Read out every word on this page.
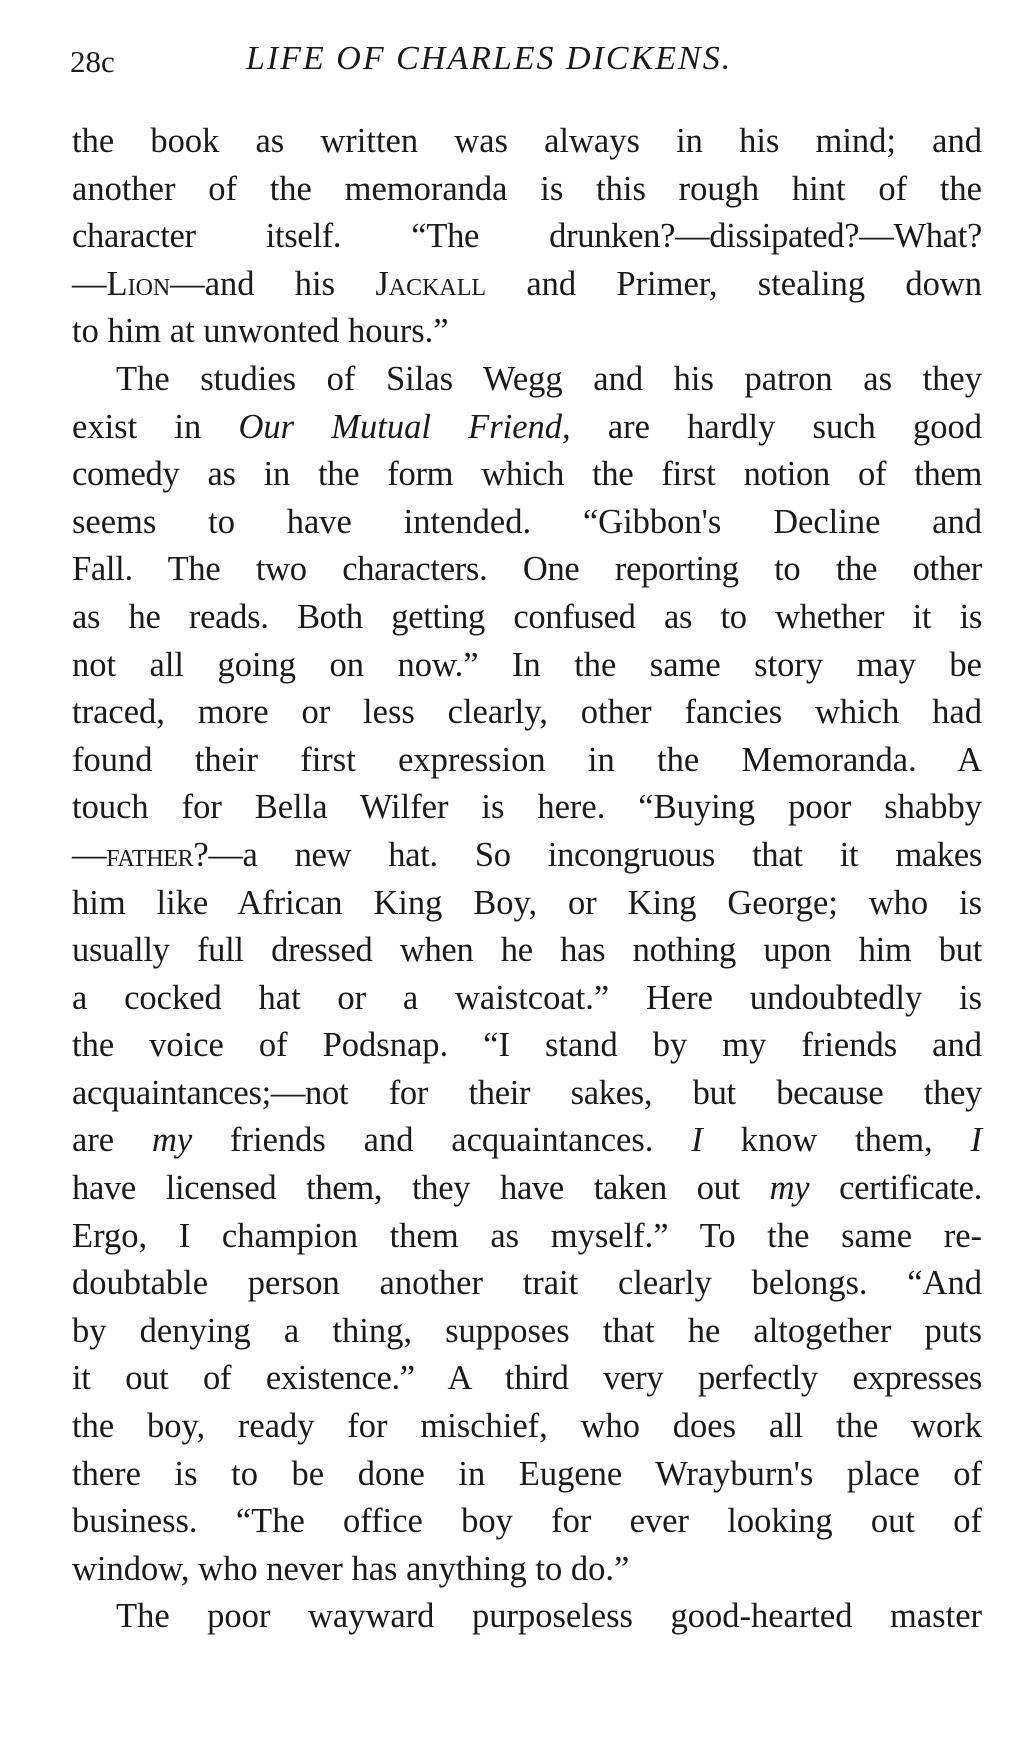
28c	LIFE OF CHARLES DICKENS.
the book as written was always in his mind; and
another of the memoranda is this rough hint of the
character itself. “The drunken?—dissipated?—What?
—Lion—and his Jackall and Primer, stealing down
to him at unwonted hours.”
The studies of Silas Wegg and his patron as they
exist in Our Mutual Friend, are hardly such good
comedy as in the form which the first notion of them
seems to have intended. “Gibbon's Decline and
Fall. The two characters. One reporting to the other
as he reads. Both getting confused as to whether it is
not all going on now.” In the same story may be
traced, more or less clearly, other fancies which had
found their first expression in the Memoranda. A
touch for Bella Wilfer is here. “Buying poor shabby
—father?—a new hat. So incongruous that it makes
him like African King Boy, or King George; who is
usually full dressed when he has nothing upon him but
a cocked hat or a waistcoat.” Here undoubtedly is
the voice of Podsnap. “I stand by my friends and
acquaintances;—not for their sakes, but because they
are my friends and acquaintances. I know them, I
have licensed them, they have taken out my certificate.
Ergo, I champion them as myself.” To the same re-
doubtable person another trait clearly belongs. “And
by denying a thing, supposes that he altogether puts
it out of existence.” A third very perfectly expresses
the boy, ready for mischief, who does all the work
there is to be done in Eugene Wrayburn's place of
business. “The office boy for ever looking out of
window, who never has anything to do.”
The poor wayward purposeless good-hearted master
